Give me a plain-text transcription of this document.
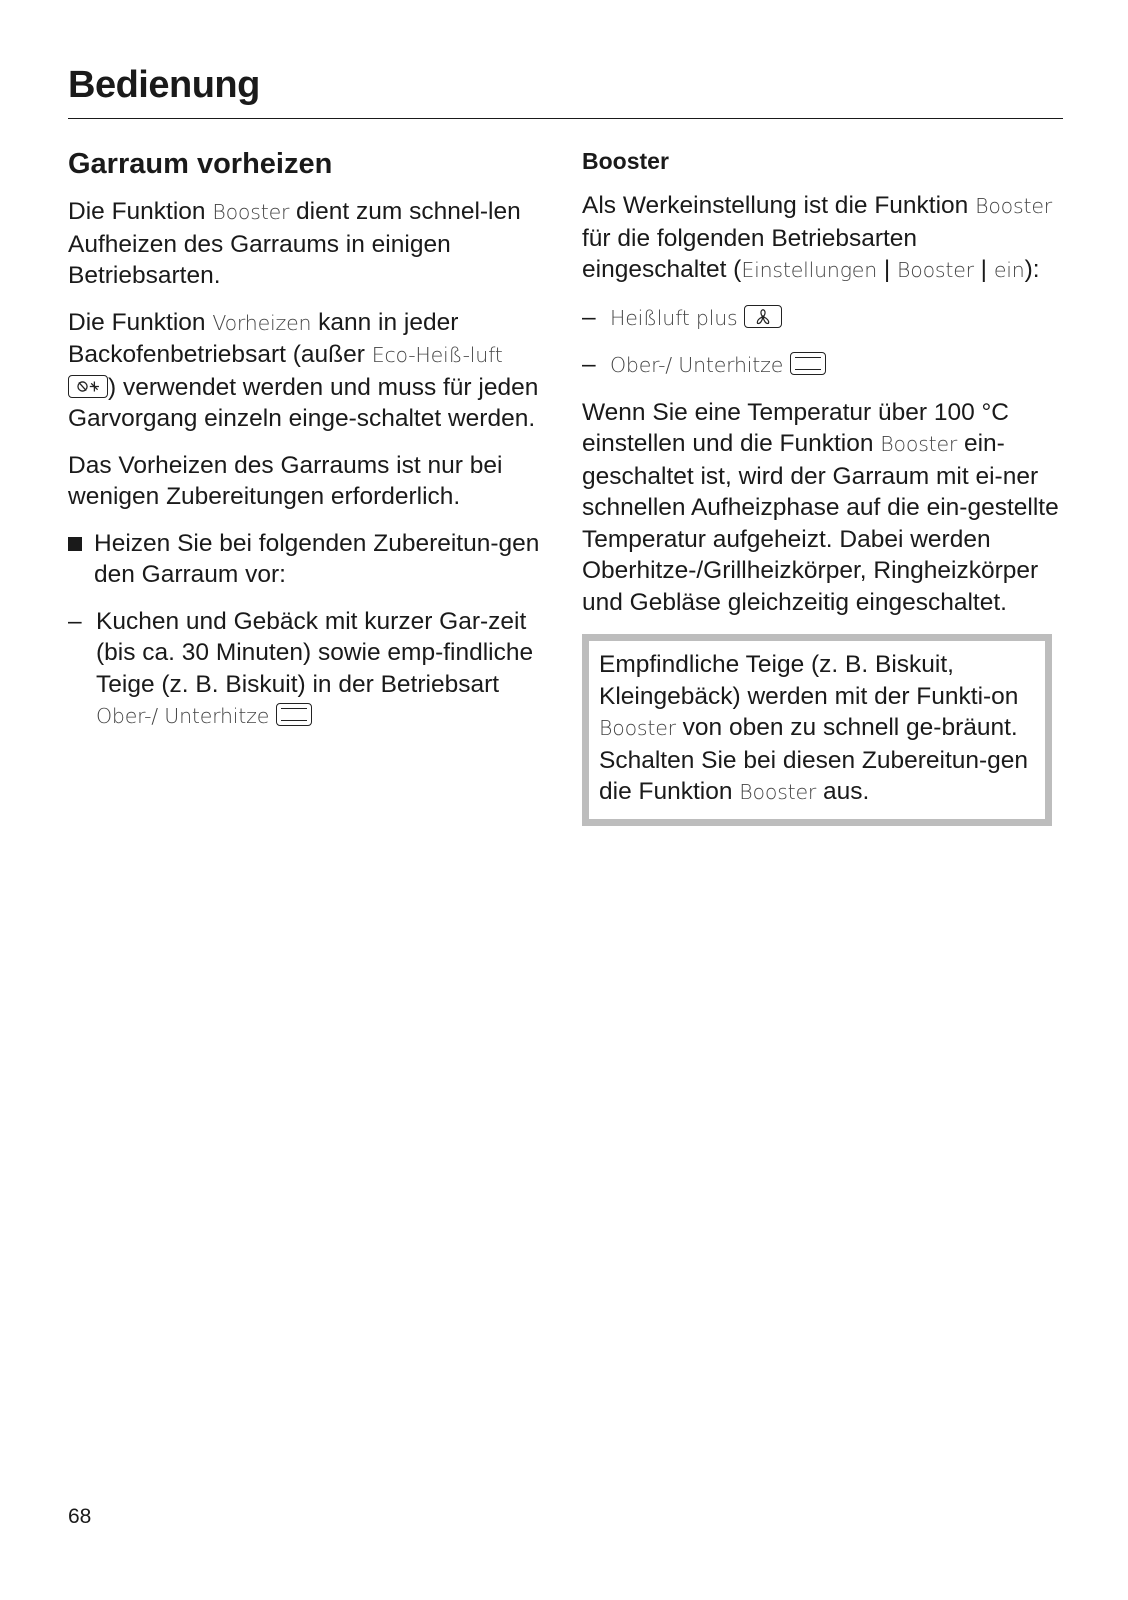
Bedienung
Garraum vorheizen

Die Funktion Booster dient zum schnel-len Aufheizen des Garraums in einigen Betriebsarten.

Die Funktion Vorheizen kann in jeder Backofenbetriebsart (außer Eco-Heiß-luft
) verwendet werden und muss für jeden Garvorgang einzeln einge-schaltet werden.

Das Vorheizen des Garraums ist nur bei wenigen Zubereitungen erforderlich.

Heizen Sie bei folgenden Zubereitun-gen den Garraum vor:

– Kuchen und Gebäck mit kurzer Gar-zeit (bis ca. 30 Minuten) sowie emp-findliche Teige (z. B. Biskuit) in der Betriebsart Ober-/ Unterhitze

Booster

Als Werkeinstellung ist die Funktion Booster für die folgenden Betriebsarten eingeschaltet (Einstellungen | Booster | ein):

– Heißluft plus

– Ober-/ Unterhitze

Wenn Sie eine Temperatur über 100 °C einstellen und die Funktion Booster ein-geschaltet ist, wird der Garraum mit ei-ner schnellen Aufheizphase auf die ein-gestellte Temperatur aufgeheizt. Dabei werden Oberhitze-/Grillheizkörper, Ringheizkörper und Gebläse gleichzeitig eingeschaltet.

Empfindliche Teige (z. B. Biskuit, Kleingebäck) werden mit der Funkti-on Booster von oben zu schnell ge-bräunt.

Schalten Sie bei diesen Zubereitun-gen die Funktion Booster aus.

68
